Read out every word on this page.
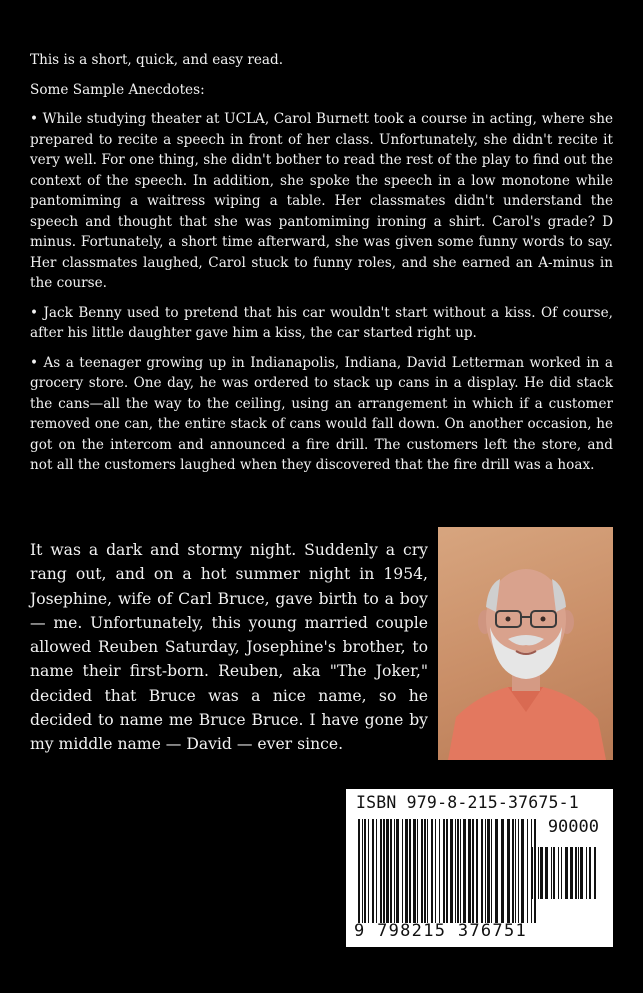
This is a short, quick, and easy read.

Some Sample Anecdotes:

• While studying theater at UCLA, Carol Burnett took a course in acting, where she prepared to recite a speech in front of her class. Unfortunately, she didn't recite it very well. For one thing, she didn't bother to read the rest of the play to find out the context of the speech. In addition, she spoke the speech in a low monotone while pantomiming a waitress wiping a table. Her classmates didn't understand the speech and thought that she was pantomiming ironing a shirt. Carol's grade? D minus. Fortunately, a short time afterward, she was given some funny words to say. Her classmates laughed, Carol stuck to funny roles, and she earned an A-minus in the course.

• Jack Benny used to pretend that his car wouldn't start without a kiss. Of course, after his little daughter gave him a kiss, the car started right up.

• As a teenager growing up in Indianapolis, Indiana, David Letterman worked in a grocery store. One day, he was ordered to stack up cans in a display. He did stack the cans—all the way to the ceiling, using an arrangement in which if a customer removed one can, the entire stack of cans would fall down. On another occasion, he got on the intercom and announced a fire drill. The customers left the store, and not all the customers laughed when they discovered that the fire drill was a hoax.

It was a dark and stormy night. Suddenly a cry rang out, and on a hot summer night in 1954, Josephine, wife of Carl Bruce, gave birth to a boy — me. Unfortunately, this young married couple allowed Reuben Saturday, Josephine's brother, to name their first-born. Reuben, aka "The Joker," decided that Bruce was a nice name, so he decided to name me Bruce Bruce. I have gone by my middle name — David — ever since.
ISBN 979-8-215-37675-1
90000
9 798215 376751
